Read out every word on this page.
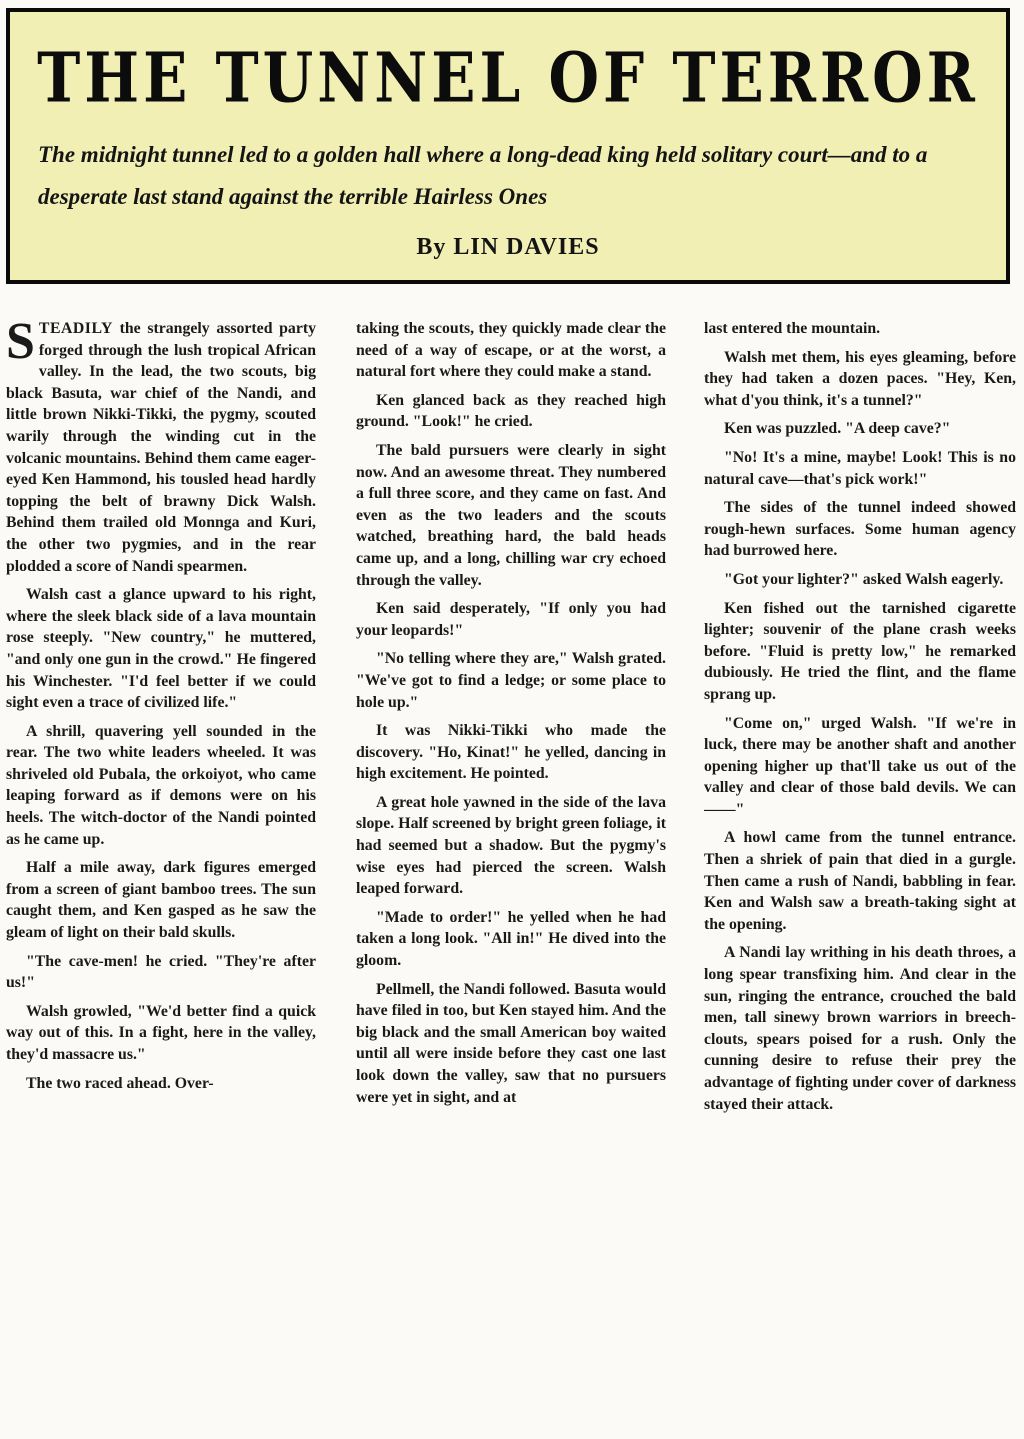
THE TUNNEL OF TERROR
The midnight tunnel led to a golden hall where a long-dead king held solitary court—and to a desperate last stand against the terrible Hairless Ones
By LIN DAVIES

STEADILY the strangely assorted party forged through the lush tropical African valley. In the lead, the two scouts, big black Basuta, war chief of the Nandi, and little brown Nikki-Tikki, the pygmy, scouted warily through the winding cut in the volcanic mountains. Behind them came eager-eyed Ken Hammond, his tousled head hardly topping the belt of brawny Dick Walsh. Behind them trailed old Monnga and Kuri, the other two pygmies, and in the rear plodded a score of Nandi spearmen.

Walsh cast a glance upward to his right, where the sleek black side of a lava mountain rose steeply. "New country," he muttered, "and only one gun in the crowd." He fingered his Winchester. "I'd feel better if we could sight even a trace of civilized life."

A shrill, quavering yell sounded in the rear. The two white leaders wheeled. It was shriveled old Pubala, the orkoiyot, who came leaping forward as if demons were on his heels. The witch-doctor of the Nandi pointed as he came up.

Half a mile away, dark figures emerged from a screen of giant bamboo trees. The sun caught them, and Ken gasped as he saw the gleam of light on their bald skulls.

"The cave-men! he cried. "They're after us!"

Walsh growled, "We'd better find a quick way out of this. In a fight, here in the valley, they'd massacre us."

The two raced ahead. Over-

taking the scouts, they quickly made clear the need of a way of escape, or at the worst, a natural fort where they could make a stand.

Ken glanced back as they reached high ground. "Look!" he cried.

The bald pursuers were clearly in sight now. And an awesome threat. They numbered a full three score, and they came on fast. And even as the two leaders and the scouts watched, breathing hard, the bald heads came up, and a long, chilling war cry echoed through the valley.

Ken said desperately, "If only you had your leopards!"

"No telling where they are," Walsh grated. "We've got to find a ledge; or some place to hole up."

It was Nikki-Tikki who made the discovery. "Ho, Kinat!" he yelled, dancing in high excitement. He pointed.

A great hole yawned in the side of the lava slope. Half screened by bright green foliage, it had seemed but a shadow. But the pygmy's wise eyes had pierced the screen. Walsh leaped forward.

"Made to order!" he yelled when he had taken a long look. "All in!" He dived into the gloom.

Pellmell, the Nandi followed. Basuta would have filed in too, but Ken stayed him. And the big black and the small American boy waited until all were inside before they cast one last look down the valley, saw that no pursuers were yet in sight, and at

last entered the mountain.

Walsh met them, his eyes gleaming, before they had taken a dozen paces. "Hey, Ken, what d'you think, it's a tunnel?"

Ken was puzzled. "A deep cave?"

"No! It's a mine, maybe! Look! This is no natural cave—that's pick work!"

The sides of the tunnel indeed showed rough-hewn surfaces. Some human agency had burrowed here.

"Got your lighter?" asked Walsh eagerly.

Ken fished out the tarnished cigarette lighter; souvenir of the plane crash weeks before. "Fluid is pretty low," he remarked dubiously. He tried the flint, and the flame sprang up.

"Come on," urged Walsh. "If we're in luck, there may be another shaft and another opening higher up that'll take us out of the valley and clear of those bald devils. We can——"

A howl came from the tunnel entrance. Then a shriek of pain that died in a gurgle. Then came a rush of Nandi, babbling in fear. Ken and Walsh saw a breath-taking sight at the opening.

A Nandi lay writhing in his death throes, a long spear transfixing him. And clear in the sun, ringing the entrance, crouched the bald men, tall sinewy brown warriors in breech-clouts, spears poised for a rush. Only the cunning desire to refuse their prey the advantage of fighting under cover of darkness stayed their attack.
